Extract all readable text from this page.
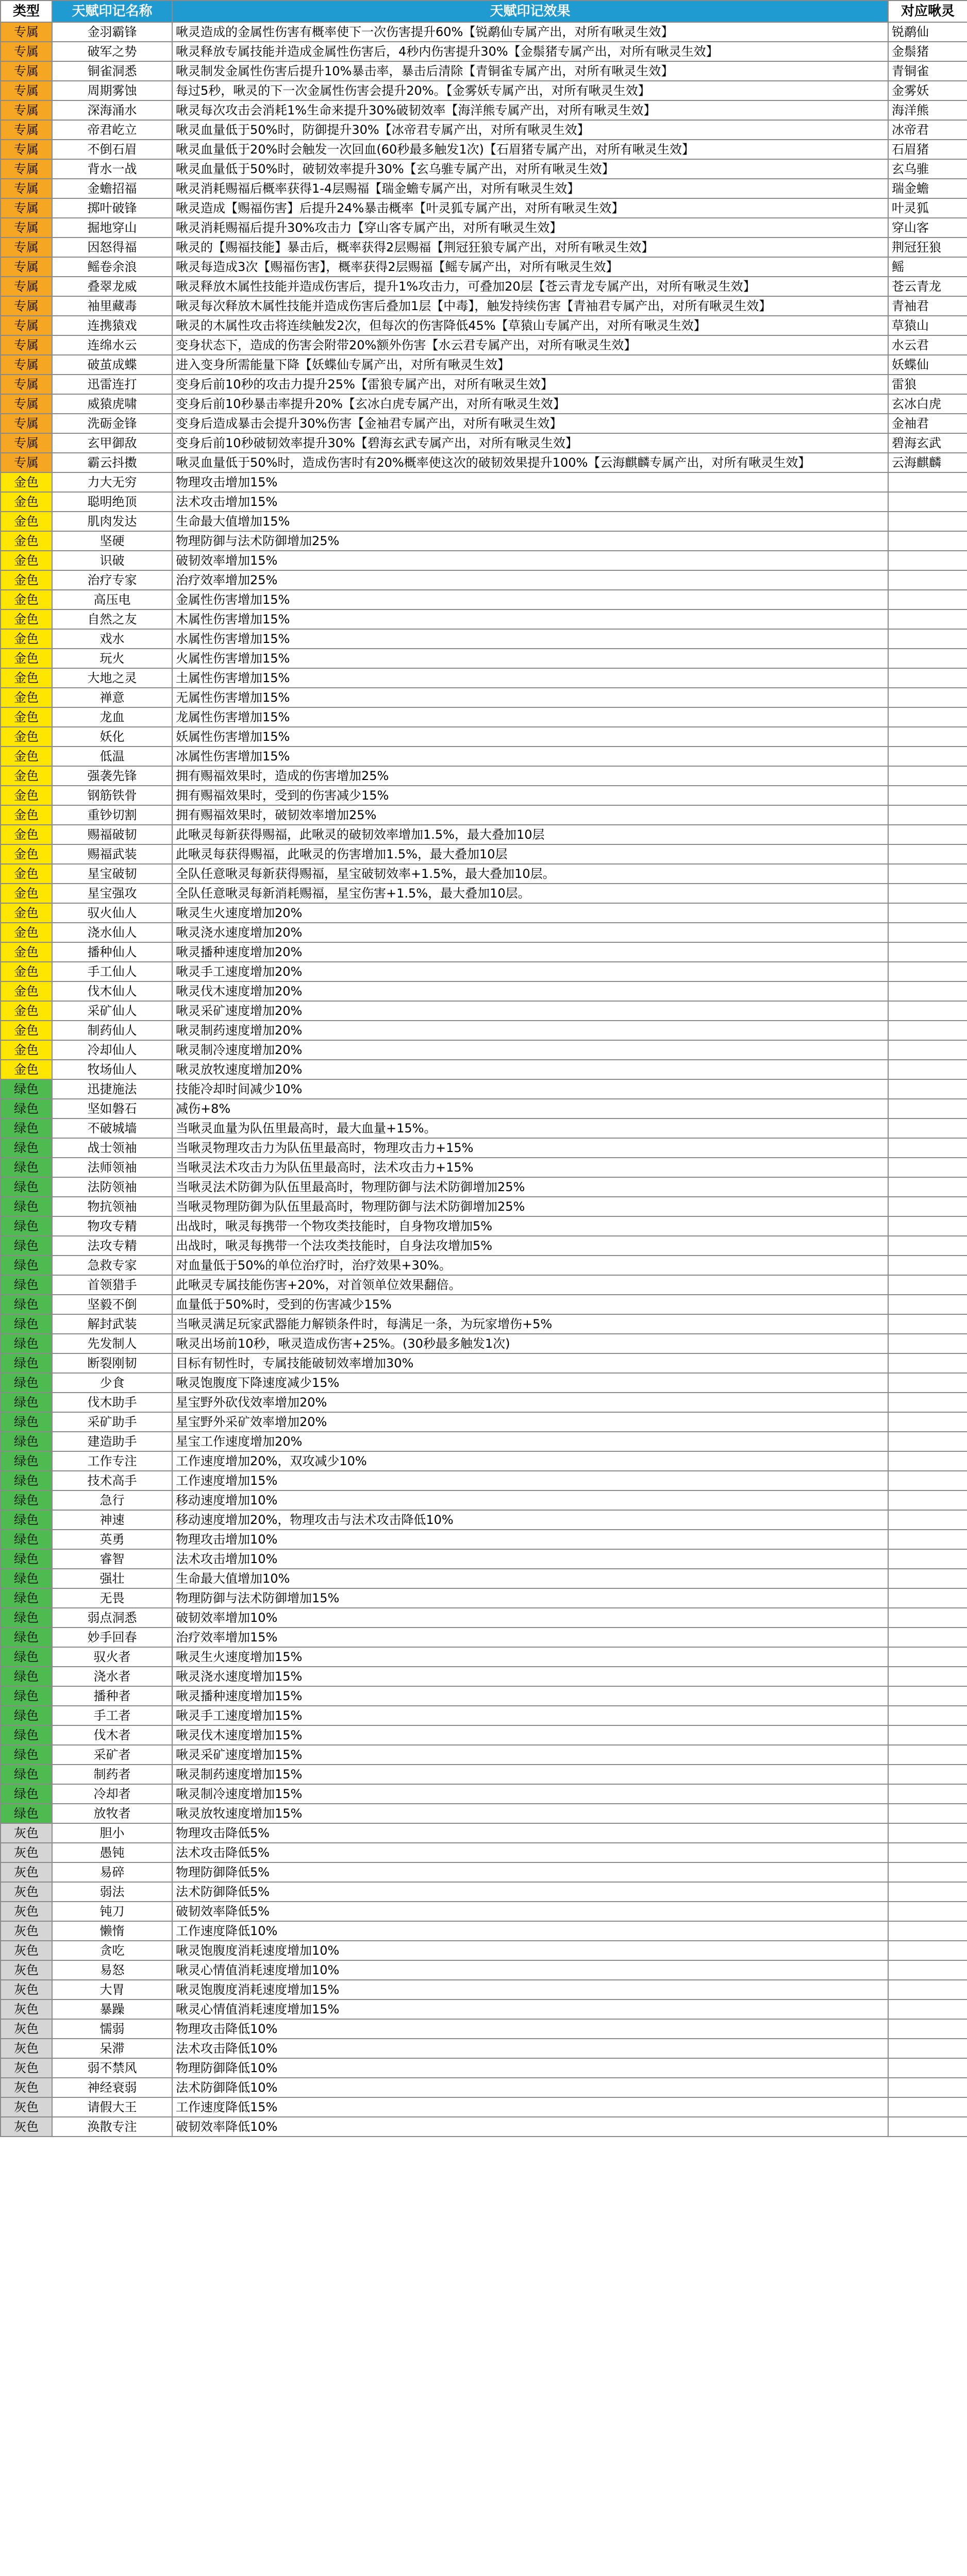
类型	天赋印记名称	天赋印记效果	对应啾灵
专属	金羽霸锋	啾灵造成的金属性伤害有概率使下一次伤害提升60%【锐鹬仙专属产出，对所有啾灵生效】	锐鹬仙
专属	破军之势	啾灵释放专属技能并造成金属性伤害后，4秒内伤害提升30%【金鬃猪专属产出，对所有啾灵生效】	金鬃猪
专属	铜雀洞悉	啾灵制发金属性伤害后提升10%暴击率，暴击后清除【青铜雀专属产出，对所有啾灵生效】	青铜雀
专属	周期雾蚀	每过5秒，啾灵的下一次金属性伤害会提升20%。【金雾妖专属产出，对所有啾灵生效】	金雾妖
专属	深海涌水	啾灵每次攻击会消耗1%生命来提升30%破韧效率【海洋熊专属产出，对所有啾灵生效】	海洋熊
专属	帝君屹立	啾灵血量低于50%时，防御提升30%【冰帝君专属产出，对所有啾灵生效】	冰帝君
专属	不倒石眉	啾灵血量低于20%时会触发一次回血(60秒最多触发1次)【石眉猪专属产出，对所有啾灵生效】	石眉猪
专属	背水一战	啾灵血量低于50%时，破韧效率提升30%【玄乌骓专属产出，对所有啾灵生效】	玄乌骓
专属	金蟾招福	啾灵消耗赐福后概率获得1-4层赐福【瑞金蟾专属产出，对所有啾灵生效】	瑞金蟾
专属	掷叶破锋	啾灵造成【赐福伤害】后提升24%暴击概率【叶灵狐专属产出，对所有啾灵生效】	叶灵狐
专属	掘地穿山	啾灵消耗赐福后提升30%攻击力【穿山客专属产出，对所有啾灵生效】	穿山客
专属	因怒得福	啾灵的【赐福技能】暴击后，概率获得2层赐福【荆冠狂狼专属产出，对所有啾灵生效】	荆冠狂狼
专属	鳐卷余浪	啾灵每造成3次【赐福伤害】，概率获得2层赐福【鳐专属产出，对所有啾灵生效】	鳐
专属	叠翠龙威	啾灵释放木属性技能并造成伤害后，提升1%攻击力，可叠加20层【苍云青龙专属产出，对所有啾灵生效】	苍云青龙
专属	袖里藏毒	啾灵每次释放木属性技能并造成伤害后叠加1层【中毒】，触发持续伤害【青袖君专属产出，对所有啾灵生效】	青袖君
专属	连携猿戏	啾灵的木属性攻击将连续触发2次，但每次的伤害降低45%【草猿山专属产出，对所有啾灵生效】	草猿山
专属	连绵水云	变身状态下，造成的伤害会附带20%额外伤害【水云君专属产出，对所有啾灵生效】	水云君
专属	破茧成蝶	进入变身所需能量下降【妖蝶仙专属产出，对所有啾灵生效】	妖蝶仙
专属	迅雷连打	变身后前10秒的攻击力提升25%【雷狼专属产出，对所有啾灵生效】	雷狼
专属	威猿虎啸	变身后前10秒暴击率提升20%【玄冰白虎专属产出，对所有啾灵生效】	玄冰白虎
专属	洗砺金锋	变身后造成暴击会提升30%伤害【金袖君专属产出，对所有啾灵生效】	金袖君
专属	玄甲御敌	变身后前10秒破韧效率提升30%【碧海玄武专属产出，对所有啾灵生效】	碧海玄武
专属	霸云抖擞	啾灵血量低于50%时，造成伤害时有20%概率使这次的破韧效果提升100%【云海麒麟专属产出，对所有啾灵生效】	云海麒麟
金色	力大无穷	物理攻击增加15%	
金色	聪明绝顶	法术攻击增加15%	
金色	肌肉发达	生命最大值增加15%	
金色	坚硬	物理防御与法术防御增加25%	
金色	识破	破韧效率增加15%	
金色	治疗专家	治疗效率增加25%	
金色	高压电	金属性伤害增加15%	
金色	自然之友	木属性伤害增加15%	
金色	戏水	水属性伤害增加15%	
金色	玩火	火属性伤害增加15%	
金色	大地之灵	土属性伤害增加15%	
金色	禅意	无属性伤害增加15%	
金色	龙血	龙属性伤害增加15%	
金色	妖化	妖属性伤害增加15%	
金色	低温	冰属性伤害增加15%	
金色	强袭先锋	拥有赐福效果时，造成的伤害增加25%	
金色	钢筋铁骨	拥有赐福效果时，受到的伤害减少15%	
金色	重钞切割	拥有赐福效果时，破韧效率增加25%	
金色	赐福破韧	此啾灵每新获得赐福，此啾灵的破韧效率增加1.5%，最大叠加10层	
金色	赐福武装	此啾灵每获得赐福，此啾灵的伤害增加1.5%，最大叠加10层	
金色	星宝破韧	全队任意啾灵每新获得赐福，星宝破韧效率+1.5%，最大叠加10层。	
金色	星宝强攻	全队任意啾灵每新消耗赐福，星宝伤害+1.5%，最大叠加10层。	
金色	驭火仙人	啾灵生火速度增加20%	
金色	浇水仙人	啾灵浇水速度增加20%	
金色	播种仙人	啾灵播种速度增加20%	
金色	手工仙人	啾灵手工速度增加20%	
金色	伐木仙人	啾灵伐木速度增加20%	
金色	采矿仙人	啾灵采矿速度增加20%	
金色	制药仙人	啾灵制药速度增加20%	
金色	冷却仙人	啾灵制冷速度增加20%	
金色	牧场仙人	啾灵放牧速度增加20%	
绿色	迅捷施法	技能冷却时间减少10%	
绿色	坚如磐石	减伤+8%	
绿色	不破城墙	当啾灵血量为队伍里最高时，最大血量+15%。	
绿色	战士领袖	当啾灵物理攻击力为队伍里最高时，物理攻击力+15%	
绿色	法师领袖	当啾灵法术攻击力为队伍里最高时，法术攻击力+15%	
绿色	法防领袖	当啾灵法术防御为队伍里最高时，物理防御与法术防御增加25%	
绿色	物抗领袖	当啾灵物理防御为队伍里最高时，物理防御与法术防御增加25%	
绿色	物攻专精	出战时，啾灵每携带一个物攻类技能时，自身物攻增加5%	
绿色	法攻专精	出战时，啾灵每携带一个法攻类技能时，自身法攻增加5%	
绿色	急救专家	对血量低于50%的单位治疗时，治疗效果+30%。	
绿色	首领猎手	此啾灵专属技能伤害+20%，对首领单位效果翻倍。	
绿色	坚毅不倒	血量低于50%时，受到的伤害减少15%	
绿色	解封武装	当啾灵满足玩家武器能力解锁条件时，每满足一条，为玩家增伤+5%	
绿色	先发制人	啾灵出场前10秒，啾灵造成伤害+25%。(30秒最多触发1次)	
绿色	断裂刚韧	目标有韧性时，专属技能破韧效率增加30%	
绿色	少食	啾灵饱腹度下降速度减少15%	
绿色	伐木助手	星宝野外砍伐效率增加20%	
绿色	采矿助手	星宝野外采矿效率增加20%	
绿色	建造助手	星宝工作速度增加20%	
绿色	工作专注	工作速度增加20%，双攻减少10%	
绿色	技术高手	工作速度增加15%	
绿色	急行	移动速度增加10%	
绿色	神速	移动速度增加20%，物理攻击与法术攻击降低10%	
绿色	英勇	物理攻击增加10%	
绿色	睿智	法术攻击增加10%	
绿色	强壮	生命最大值增加10%	
绿色	无畏	物理防御与法术防御增加15%	
绿色	弱点洞悉	破韧效率增加10%	
绿色	妙手回春	治疗效率增加15%	
绿色	驭火者	啾灵生火速度增加15%	
绿色	浇水者	啾灵浇水速度增加15%	
绿色	播种者	啾灵播种速度增加15%	
绿色	手工者	啾灵手工速度增加15%	
绿色	伐木者	啾灵伐木速度增加15%	
绿色	采矿者	啾灵采矿速度增加15%	
绿色	制药者	啾灵制药速度增加15%	
绿色	冷却者	啾灵制冷速度增加15%	
绿色	放牧者	啾灵放牧速度增加15%	
灰色	胆小	物理攻击降低5%	
灰色	愚钝	法术攻击降低5%	
灰色	易碎	物理防御降低5%	
灰色	弱法	法术防御降低5%	
灰色	钝刀	破韧效率降低5%	
灰色	懒惰	工作速度降低10%	
灰色	贪吃	啾灵饱腹度消耗速度增加10%	
灰色	易怒	啾灵心情值消耗速度增加10%	
灰色	大胃	啾灵饱腹度消耗速度增加15%	
灰色	暴躁	啾灵心情值消耗速度增加15%	
灰色	懦弱	物理攻击降低10%	
灰色	呆滞	法术攻击降低10%	
灰色	弱不禁风	物理防御降低10%	
灰色	神经衰弱	法术防御降低10%	
灰色	请假大王	工作速度降低15%	
灰色	涣散专注	破韧效率降低10%	
